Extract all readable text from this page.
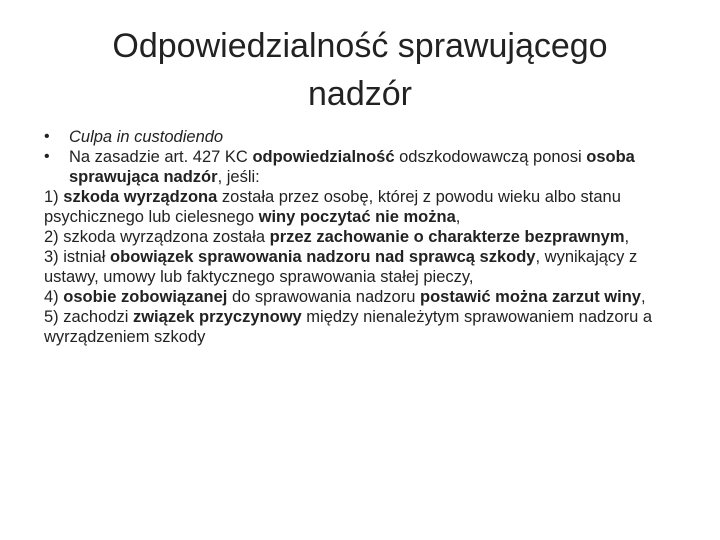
Odpowiedzialność sprawującego
nadzór
• Culpa in custodiendo
• Na zasadzie art. 427 KC odpowiedzialność odszkodowawczą ponosi osoba sprawująca nadzór, jeśli:

1) szkoda wyrządzona została przez osobę, której z powodu wieku albo stanu psychicznego lub cielesnego winy poczytać nie można,

2) szkoda wyrządzona została przez zachowanie o charakterze bezprawnym,

3) istniał obowiązek sprawowania nadzoru nad sprawcą szkody, wynikający z ustawy, umowy lub faktycznego sprawowania stałej pieczy,

4) osobie zobowiązanej do sprawowania nadzoru postawić można zarzut winy,

5) zachodzi związek przyczynowy między nienależytym sprawowaniem nadzoru a wyrządzeniem szkody
